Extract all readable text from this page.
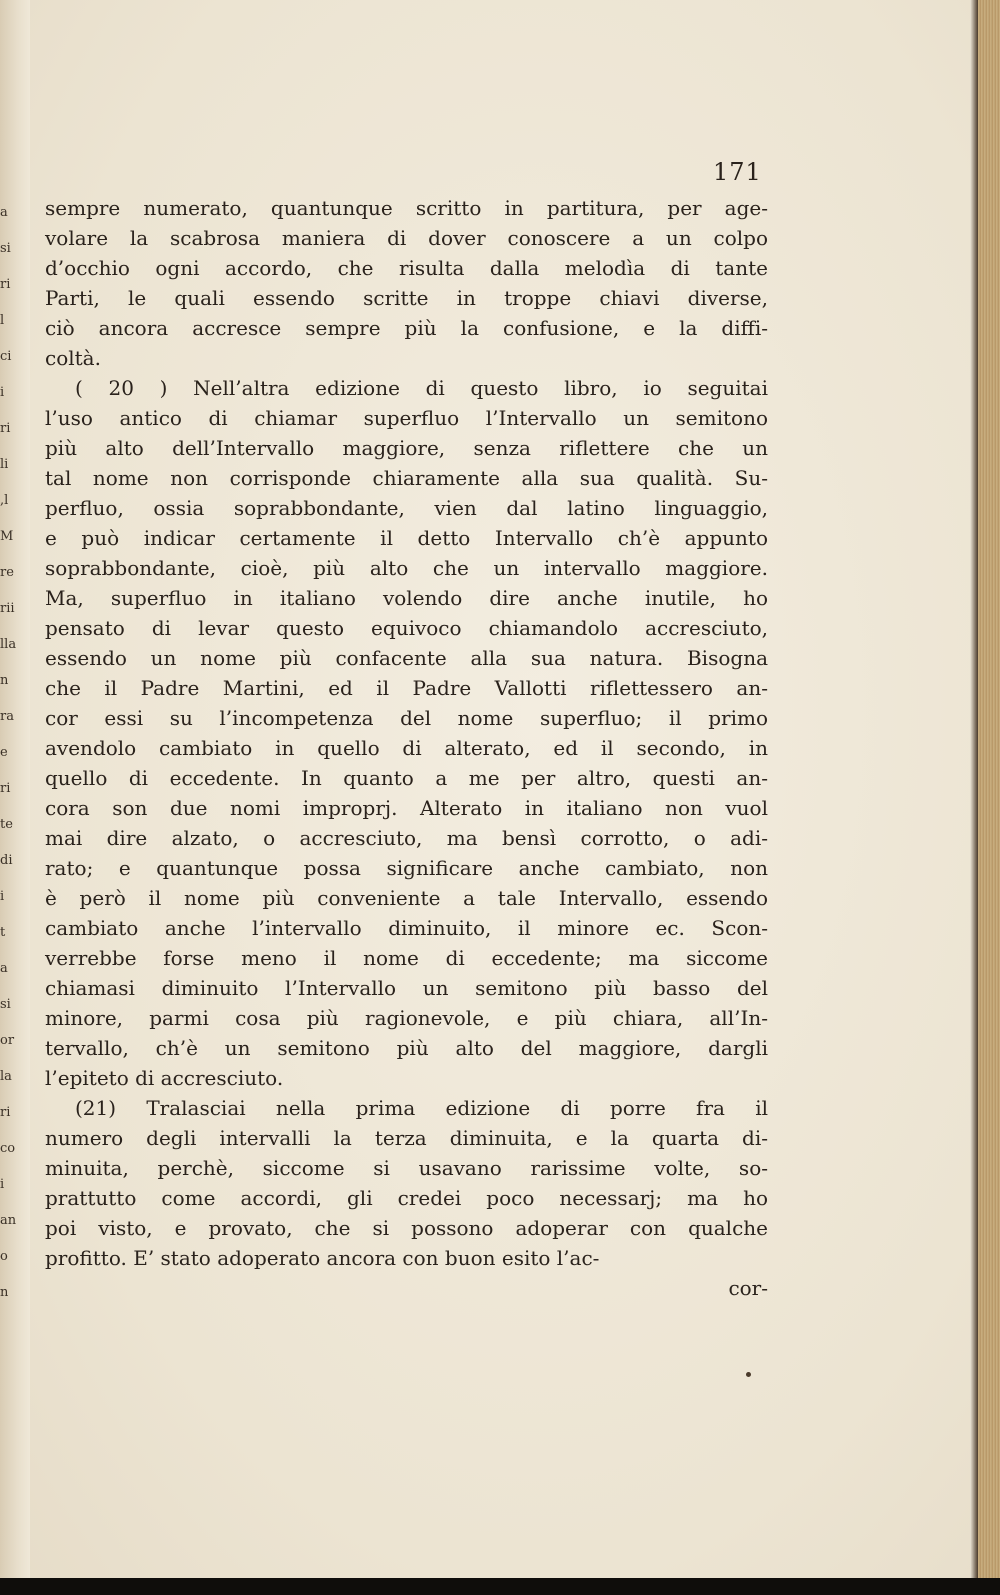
a
si
ri
l
ci
i
ri
li
,l
M
re
rii
lla
n
ra
e
ri
te
di
i
t
a
si
or
la
ri
co
i
an
o
n
171
sempre numerato, quantunque scritto in partitura, per age-
volare la scabrosa maniera di dover conoscere a un colpo
d’occhio ogni accordo, che risulta dalla melodìa di tante
Parti, le quali essendo scritte in troppe chiavi diverse,
ciò ancora accresce sempre più la confusione, e la diffi-
coltà.
( 20 ) Nell’altra edizione di questo libro, io seguitai
l’uso antico di chiamar superfluo l’Intervallo un semitono
più alto dell’Intervallo maggiore, senza riflettere che un
tal nome non corrisponde chiaramente alla sua qualità. Su-
perfluo, ossia soprabbondante, vien dal latino linguaggio,
e può indicar certamente il detto Intervallo ch’è appunto
soprabbondante, cioè, più alto che un intervallo maggiore.
Ma, superfluo in italiano volendo dire anche inutile, ho
pensato di levar questo equivoco chiamandolo accresciuto,
essendo un nome più confacente alla sua natura. Bisogna
che il Padre Martini, ed il Padre Vallotti riflettessero an-
cor essi su l’incompetenza del nome superfluo; il primo
avendolo cambiato in quello di alterato, ed il secondo, in
quello di eccedente. In quanto a me per altro, questi an-
cora son due nomi improprj. Alterato in italiano non vuol
mai dire alzato, o accresciuto, ma bensì corrotto, o adi-
rato; e quantunque possa significare anche cambiato, non
è però il nome più conveniente a tale Intervallo, essendo
cambiato anche l’intervallo diminuito, il minore ec. Scon-
verrebbe forse meno il nome di eccedente; ma siccome
chiamasi diminuito l’Intervallo un semitono più basso del
minore, parmi cosa più ragionevole, e più chiara, all’In-
tervallo, ch’è un semitono più alto del maggiore, dargli
l’epiteto di accresciuto.
(21) Tralasciai nella prima edizione di porre fra il
numero degli intervalli la terza diminuita, e la quarta di-
minuita, perchè, siccome si usavano rarissime volte, so-
prattutto come accordi, gli credei poco necessarj; ma ho
poi visto, e provato, che si possono adoperar con qualche
profitto. E’ stato adoperato ancora con buon esito l’ac-
cor-
